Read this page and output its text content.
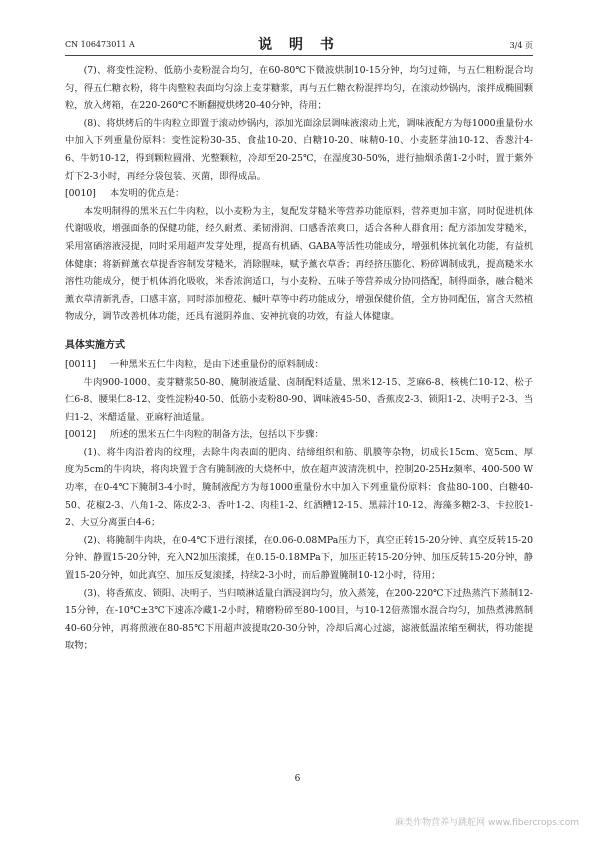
CN 106473011 A	说 明 书	3/4 页

(7)、将变性淀粉、低筋小麦粉混合均匀，在60-80℃下微波烘制10-15分钟，均匀过筛，与五仁粗粉混合均匀，得五仁糖衣粉，将牛肉整粒表面均匀涂上麦芽糖浆，再与五仁糖衣粉混拌均匀，在滚动炒锅内，滚拌成椭圆颗粒，放入烤箱，在220-260℃不断翻搅烘烤20-40分钟，待用；

(8)、将烘烤后的牛肉粒立即置于滚动炒锅内，添加光面涂层调味液滚动上光，调味液配方为每1000重量份水中加入下列重量份原料：变性淀粉30-35、食盐10-20、白糖10-20、味精0-10、小麦胚芽油10-12、香葱汁4-6、牛奶10-12，得到颗粒圆滑、光整颗粒，冷却至20-25℃，在湿度30-50%，进行抽烟杀菌1-2小时，置于紫外灯下2-3小时，再经分袋包装、灭菌，即得成品。

[0010] 本发明的优点是：

本发明制得的黑米五仁牛肉粒，以小麦粉为主，复配发芽糙米等营养功能原料，营养更加丰富，同时促进机体代谢吸收，增强面条的保健功能，经久耐煮、柔韧滑润、口感香浓爽口，适合各种人群食用；配方添加发芽糙米，采用富硒溶液浸提，同时采用超声发芽处理，提高有机硒、GABA等活性功能成分，增强机体抗氧化功能，有益机体健康；将新鲜薰衣草提香容制发芽糙米，消除腥味，赋予薰衣草香；再经挤压膨化、粉碎调制成乳，提高糙米水溶性功能成分，便于机体消化吸收，米香浓润适口，与小麦粉、五味子等营养成分协同搭配，制得面条，融合糙米薰衣草清新乳香，口感丰富，同时添加橙花、槭叶草等中药功能成分，增强保健价值，全方协同配伍，富含天然植物成分，调节改善机体功能，还具有滋阴养血、安神抗衰的功效，有益人体健康。

具体实施方式

[0011] 一种黑米五仁牛肉粒，是由下述重量份的原料制成：

牛肉900-1000、麦芽糖浆50-80、腌制液适量、卤制配料适量、黑米12-15、芝麻6-8、核桃仁10-12、松子仁6-8、腰果仁8-12、变性淀粉40-50、低筋小麦粉80-90、调味液45-50、香蕉皮2-3、锁阳1-2、决明子2-3、当归1-2、米醋适量、亚麻籽油适量。

[0012] 所述的黑米五仁牛肉粒的制备方法，包括以下步骤：

(1)、将牛肉沿着肉的纹理，去除牛肉表面的肥肉、结缔组织和筋、肌膜等杂物，切成长15cm、宽5cm、厚度为5cm的牛肉块，将肉块置于含有腌制液的大烧杯中，放在超声波清洗机中，控制20-25Hz频率、400-500 W功率，在0-4℃下腌制3-4小时，腌制液配方为每1000重量份水中加入下列重量份原料：食盐80-100、白糖40-50、花椒2-3、八角1-2、陈皮2-3、香叶1-2、肉桂1-2、红酒糟12-15、黑蒜汁10-12、海藻多糖2-3、卡拉胶1-2、大豆分离蛋白4-6；

(2)、将腌制牛肉块，在0-4℃下进行滚揉，在0.06-0.08MPa压力下，真空正转15-20分钟、真空反转15-20分钟、静置15-20分钟，充入N2加压滚揉，在0.15-0.18MPa下，加压正转15-20分钟、加压反转15-20分钟，静置15-20分钟，如此真空、加压反复滚揉，持续2-3小时，而后静置腌制10-12小时，待用；

(3)、将香蕉皮、锁阳、决明子、当归喷淋适量白酒浸润均匀，放入蒸笼，在200-220℃下过热蒸汽下蒸制12-15分钟，在-10℃±3℃下速冻冷藏1-2小时，精磨粉碎至80-100目，与10-12倍蒸馏水混合均匀，加热煮沸熬制40-60分钟，再将煎液在80-85℃下用超声波提取20-30分钟，冷却后离心过滤，滤液低温浓缩至稠状，得功能提取物；

6
麻类作物营养与跳舵网 www.fibercrops.com
